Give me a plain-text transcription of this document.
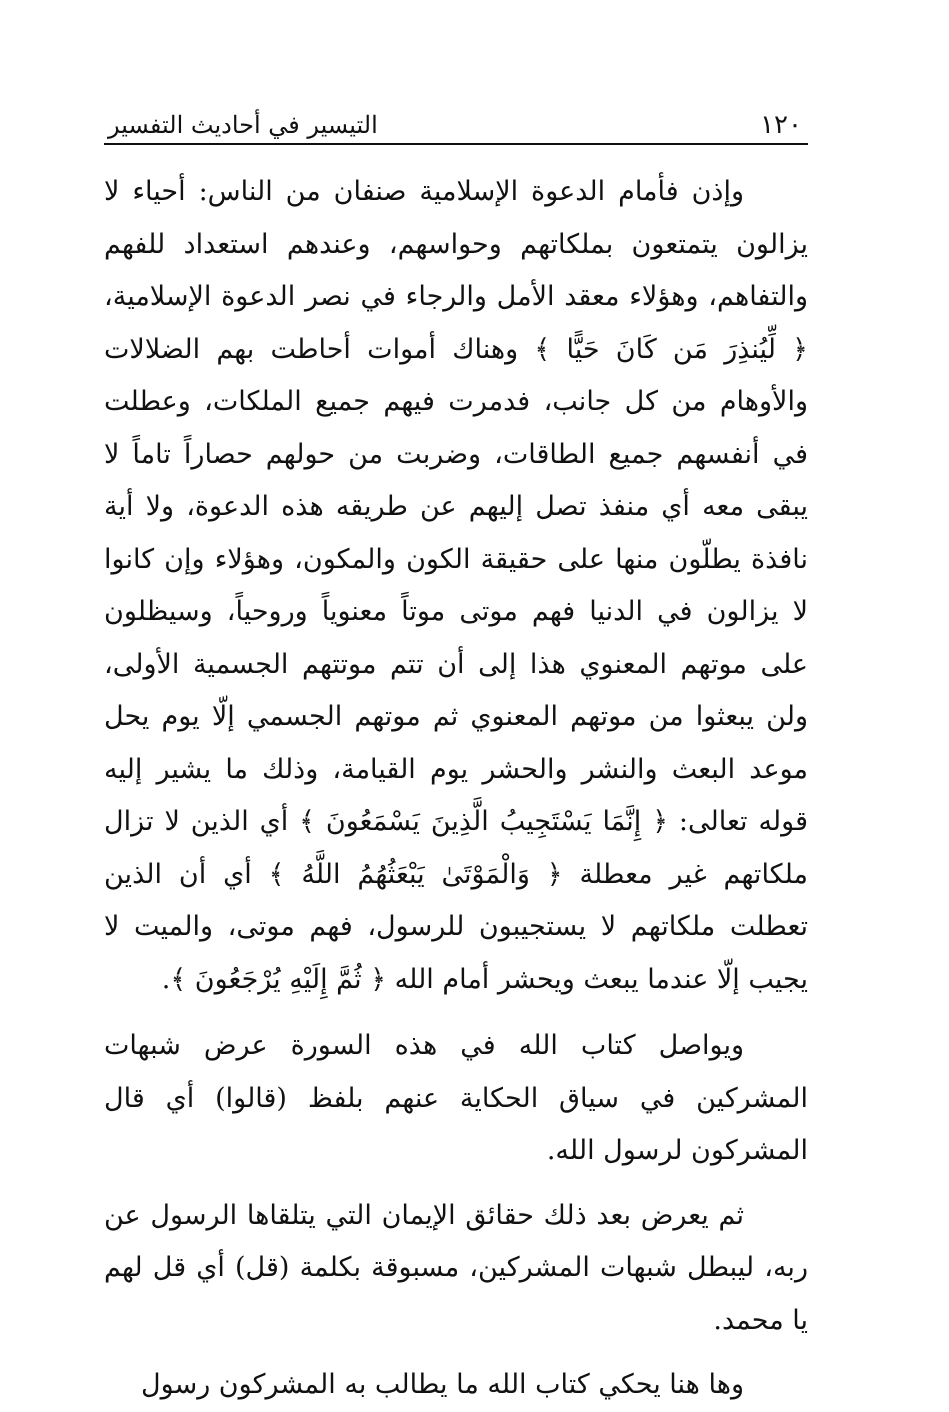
١٢٠
التيسير في أحاديث التفسير

وإذن فأمام الدعوة الإسلامية صنفان من الناس: أحياء لا يزالون يتمتعون بملكاتهم وحواسهم، وعندهم استعداد للفهم والتفاهم، وهؤلاء معقد الأمل والرجاء في نصر الدعوة الإسلامية، ﴿ لِّيُنذِرَ مَن كَانَ حَيًّا ﴾ وهناك أموات أحاطت بهم الضلالات والأوهام من كل جانب، فدمرت فيهم جميع الملكات، وعطلت في أنفسهم جميع الطاقات، وضربت من حولهم حصاراً تاماً لا يبقى معه أي منفذ تصل إليهم عن طريقه هذه الدعوة، ولا أية نافذة يطلّون منها على حقيقة الكون والمكون، وهؤلاء وإن كانوا لا يزالون في الدنيا فهم موتى موتاً معنوياً وروحياً، وسيظلون على موتهم المعنوي هذا إلى أن تتم موتتهم الجسمية الأولى، ولن يبعثوا من موتهم المعنوي ثم موتهم الجسمي إلّا يوم يحل موعد البعث والنشر والحشر يوم القيامة، وذلك ما يشير إليه قوله تعالى: ﴿ إِنَّمَا يَسْتَجِيبُ الَّذِينَ يَسْمَعُونَ ﴾ أي الذين لا تزال ملكاتهم غير معطلة ﴿ وَالْمَوْتَىٰ يَبْعَثُهُمُ اللَّهُ ﴾ أي أن الذين تعطلت ملكاتهم لا يستجيبون للرسول، فهم موتى، والميت لا يجيب إلّا عندما يبعث ويحشر أمام الله ﴿ ثُمَّ إِلَيْهِ يُرْجَعُونَ ﴾.

ويواصل كتاب الله في هذه السورة عرض شبهات المشركين في سياق الحكاية عنهم بلفظ (قالوا) أي قال المشركون لرسول الله.

ثم يعرض بعد ذلك حقائق الإيمان التي يتلقاها الرسول عن ربه، ليبطل شبهات المشركين، مسبوقة بكلمة (قل) أي قل لهم يا محمد.

وها هنا يحكي كتاب الله ما يطالب به المشركون رسول
